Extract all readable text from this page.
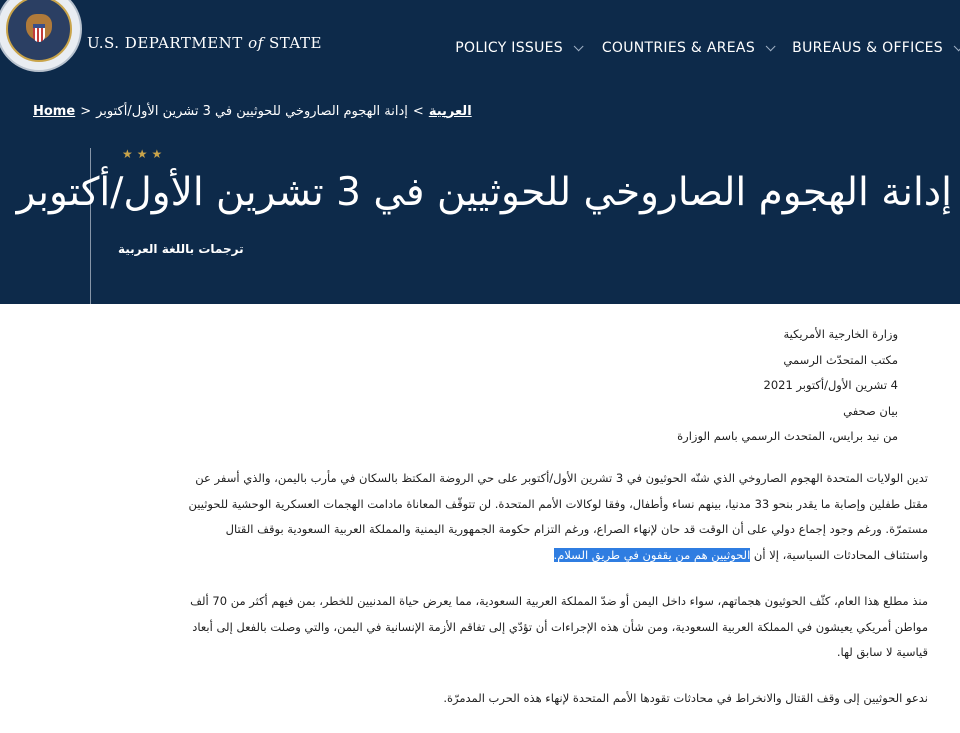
U.S. DEPARTMENT of STATE	POLICY ISSUES	COUNTRIES & AREAS	BUREAUS & OFFICES
Home > إدانة الهجوم الصاروخي للحوثيين في 3 تشرين الأول/أكتوبر < العربية
★★★
إدانة الهجوم الصاروخي للحوثيين في 3 تشرين الأول/أكتوبر
ترجمات باللغة العربية
وزارة الخارجية الأمريكية
مكتب المتحدّث الرسمي
4 تشرين الأول/أكتوبر 2021
بيان صحفي
من نيد برايس، المتحدث الرسمي باسم الوزارة
تدين الولايات المتحدة الهجوم الصاروخي الذي شنّه الحوثيون في 3 تشرين الأول/أكتوبر على حي الروضة المكتظ بالسكان في مأرب باليمن، والذي أسفر عن
مقتل طفلين وإصابة ما يقدر بنحو 33 مدنيا، بينهم نساء وأطفال، وفقا لوكالات الأمم المتحدة. لن تتوقّف المعاناة مادامت الهجمات العسكرية الوحشية للحوثيين
مستمرّة. ورغم وجود إجماع دولي على أن الوقت قد حان لإنهاء الصراع، ورغم التزام حكومة الجمهورية اليمنية والمملكة العربية السعودية بوقف القتال
واستئناف المحادثات السياسية، إلا أن الحوثيين هم من يقفون في طريق السلام.
منذ مطلع هذا العام، كثّف الحوثيون هجماتهم، سواء داخل اليمن أو ضدّ المملكة العربية السعودية، مما يعرض حياة المدنيين للخطر، بمن فيهم أكثر من 70 ألف
مواطن أمريكي يعيشون في المملكة العربية السعودية، ومن شأن هذه الإجراءات أن تؤدّي إلى تفاقم الأزمة الإنسانية في اليمن، والتي وصلت بالفعل إلى أبعاد
قياسية لا سابق لها.
ندعو الحوثيين إلى وقف القتال والانخراط في محادثات تقودها الأمم المتحدة لإنهاء هذه الحرب المدمرّة.
